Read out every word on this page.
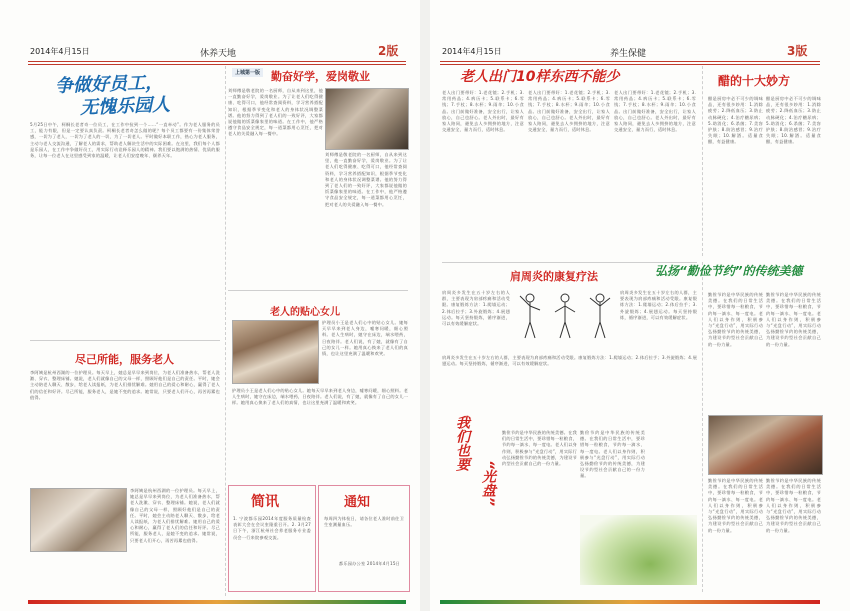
2014年4月15日	休养天地	2版
争做好员工，
无愧乐园人
5月25日中午，柯桐长老者奇一位员工，在工作中捡到一个……“一直牵动”。作为老人服务的员工，能力有限，但是一定要认真负责。柯桐长老者奇怎么做的呢？每个员工都要有一份集体荣誉感，一切为了老人，一切为了老人的一切，为了一切老人。平时做好本职工作，热心为老人服务，主动与老人交流沟通，了解老人的需求，帮助老人解决生活中的实际困难。在这里，我们每个人都是乐园人，在工作中争做好员工，用实际行动诠释乐园人的精神。我们要以饱满的热情、优质的服务，让每一位老人在这里感受到家的温暖，让老人们安度晚年、颐养天年。
上城第一版 勤奋好学，爱岗敬业
刘师傅是敬老院的一名厨师，自从来到这里，他一直勤奋好学，爱岗敬业。为了让老人们吃得健康、吃得可口，他经常查阅资料，学习营养搭配知识，根据季节变化和老人的身体状况调整菜谱。他的努力得到了老人们的一致好评，大家都说他做的饭菜像家里的味道。在工作中，他严格遵守食品安全规定，每一道菜都用心烹饪，把对老人的关爱融入每一餐中。
刘师傅是敬老院的一名厨师，自从来到这里，他一直勤奋好学，爱岗敬业。为了让老人们吃得健康、吃得可口，他经常查阅资料，学习营养搭配知识，根据季节变化和老人的身体状况调整菜谱。他的努力得到了老人们的一致好评，大家都说他做的饭菜像家里的味道。在工作中，他严格遵守食品安全规定，每一道菜都用心烹饪，把对老人的关爱融入每一餐中。
老人的贴心女儿
护理员小王是老人们心中的贴心女儿。她每天早早来到老人身边，嘘寒问暖，细心照料。老人生病时，她守在床边，端水喂药，日夜陪伴。老人们说，有了她，就像有了自己的女儿一样。她用真心换来了老人们的真情，也让这里充满了温暖和欢笑。
护理员小王是老人们心中的贴心女儿。她每天早早来到老人身边，嘘寒问暖，细心照料。老人生病时，她守在床边，端水喂药，日夜陪伴。老人们说，有了她，就像有了自己的女儿一样。她用真心换来了老人们的真情，也让这里充满了温暖和欢笑。
尽己所能，服务老人
李阿姨是杭州西湖的一位护理员。每天早上，她总是早早来到岗位，为老人们准备热水，帮老人洗漱、穿衣、整理床铺。她说，老人们就像自己的父母一样，照顾好他们是自己的责任。平时，她会主动陪老人聊天、散步，给老人读报纸，为老人们排忧解难。她用自己的爱心和耐心，赢得了老人们的信任和好评。尽己所能，服务老人，是她不变的追求。她常说，只要老人们开心，再苦再累也值得。
李阿姨是杭州西湖的一位护理员。每天早上，她总是早早来到岗位，为老人们准备热水，帮老人洗漱、穿衣、整理床铺。她说，老人们就像自己的父母一样，照顾好他们是自己的责任。平时，她会主动陪老人聊天、散步，给老人读报纸，为老人们排忧解难。她用自己的爱心和耐心，赢得了老人们的信任和好评。尽己所能，服务老人，是她不变的追求。她常说，只要老人们开心，再苦再累也值得。
简讯
1. 宁波都乐园2014年度服务质量检查表彰大会在会议室隆重召开。2. 3月27日下午，浙江杭州社会养老服务专业委员会一行来院参观交流。
通知
每周四为体检日，请各位老人准时前往卫生室测量血压。
都乐园办公室 2014年4月15日
2014年4月15日	养生保健	3版
老人出门10样东西不能少
老人出门要带好：1.老花镜；2.手机；3.常用药品；4.病历卡；5.联系卡；6.零钱；7.手杖；8.水杯；9.雨伞；10.小食品。出门前做好准备，安全出行，让家人放心，自己也舒心。老人外出时，最好有家人陪同，避免去人多拥挤的地方，注意交通安全，量力而行，适时休息。
老人出门要带好：1.老花镜；2.手机；3.常用药品；4.病历卡；5.联系卡；6.零钱；7.手杖；8.水杯；9.雨伞；10.小食品。出门前做好准备，安全出行，让家人放心，自己也舒心。老人外出时，最好有家人陪同，避免去人多拥挤的地方，注意交通安全，量力而行，适时休息。
老人出门要带好：1.老花镜；2.手机；3.常用药品；4.病历卡；5.联系卡；6.零钱；7.手杖；8.水杯；9.雨伞；10.小食品。出门前做好准备，安全出行，让家人放心，自己也舒心。老人外出时，最好有家人陪同，避免去人多拥挤的地方，注意交通安全，量力而行，适时休息。
醋的十大妙方
醋是厨房中必不可少的调味品，还有很多妙用：1.消除疲劳；2.降低血压；3.防止动脉硬化；4.治疗糖尿病；5.助消化；6.杀菌；7.美容护肤；8.防治感冒；9.治疗失眠；10.解酒。适量食醋，有益健康。
醋是厨房中必不可少的调味品，还有很多妙用：1.消除疲劳；2.降低血压；3.防止动脉硬化；4.治疗糖尿病；5.助消化；6.杀菌；7.美容护肤；8.防治感冒；9.治疗失眠；10.解酒。适量食醋，有益健康。
肩周炎的康复疗法
肩周炎多发生在五十岁左右的人群，主要表现为肩部疼痛和活动受限。康复锻炼方法：1.爬墙运动；2.体后拉手；3.外旋锻炼；4.展翅运动。每天坚持锻炼，循序渐进，可以有效缓解症状。
肩周炎多发生在五十岁左右的人群，主要表现为肩部疼痛和活动受限。康复锻炼方法：1.爬墙运动；2.体后拉手；3.外旋锻炼；4.展翅运动。每天坚持锻炼，循序渐进，可以有效缓解症状。
肩周炎多发生在五十岁左右的人群，主要表现为肩部疼痛和活动受限。康复锻炼方法：1.爬墙运动；2.体后拉手；3.外旋锻炼；4.展翅运动。每天坚持锻炼，循序渐进，可以有效缓解症状。
我们也要
“光盘”
勤俭节约是中华民族的传统美德。在我们的日常生活中，要珍惜每一粒粮食，节约每一滴水、每一度电。老人们以身作则，积极参与“光盘行动”，用实际行动弘扬勤俭节约的传统美德，为建设节约型社会贡献自己的一份力量。
勤俭节约是中华民族的传统美德。在我们的日常生活中，要珍惜每一粒粮食，节约每一滴水、每一度电。老人们以身作则，积极参与“光盘行动”，用实际行动弘扬勤俭节约的传统美德，为建设节约型社会贡献自己的一份力量。
弘扬“勤俭节约”的传统美德
勤俭节约是中华民族的传统美德。在我们的日常生活中，要珍惜每一粒粮食，节约每一滴水、每一度电。老人们以身作则，积极参与“光盘行动”，用实际行动弘扬勤俭节约的传统美德，为建设节约型社会贡献自己的一份力量。
勤俭节约是中华民族的传统美德。在我们的日常生活中，要珍惜每一粒粮食，节约每一滴水、每一度电。老人们以身作则，积极参与“光盘行动”，用实际行动弘扬勤俭节约的传统美德，为建设节约型社会贡献自己的一份力量。
勤俭节约是中华民族的传统美德。在我们的日常生活中，要珍惜每一粒粮食，节约每一滴水、每一度电。老人们以身作则，积极参与“光盘行动”，用实际行动弘扬勤俭节约的传统美德，为建设节约型社会贡献自己的一份力量。
勤俭节约是中华民族的传统美德。在我们的日常生活中，要珍惜每一粒粮食，节约每一滴水、每一度电。老人们以身作则，积极参与“光盘行动”，用实际行动弘扬勤俭节约的传统美德，为建设节约型社会贡献自己的一份力量。
